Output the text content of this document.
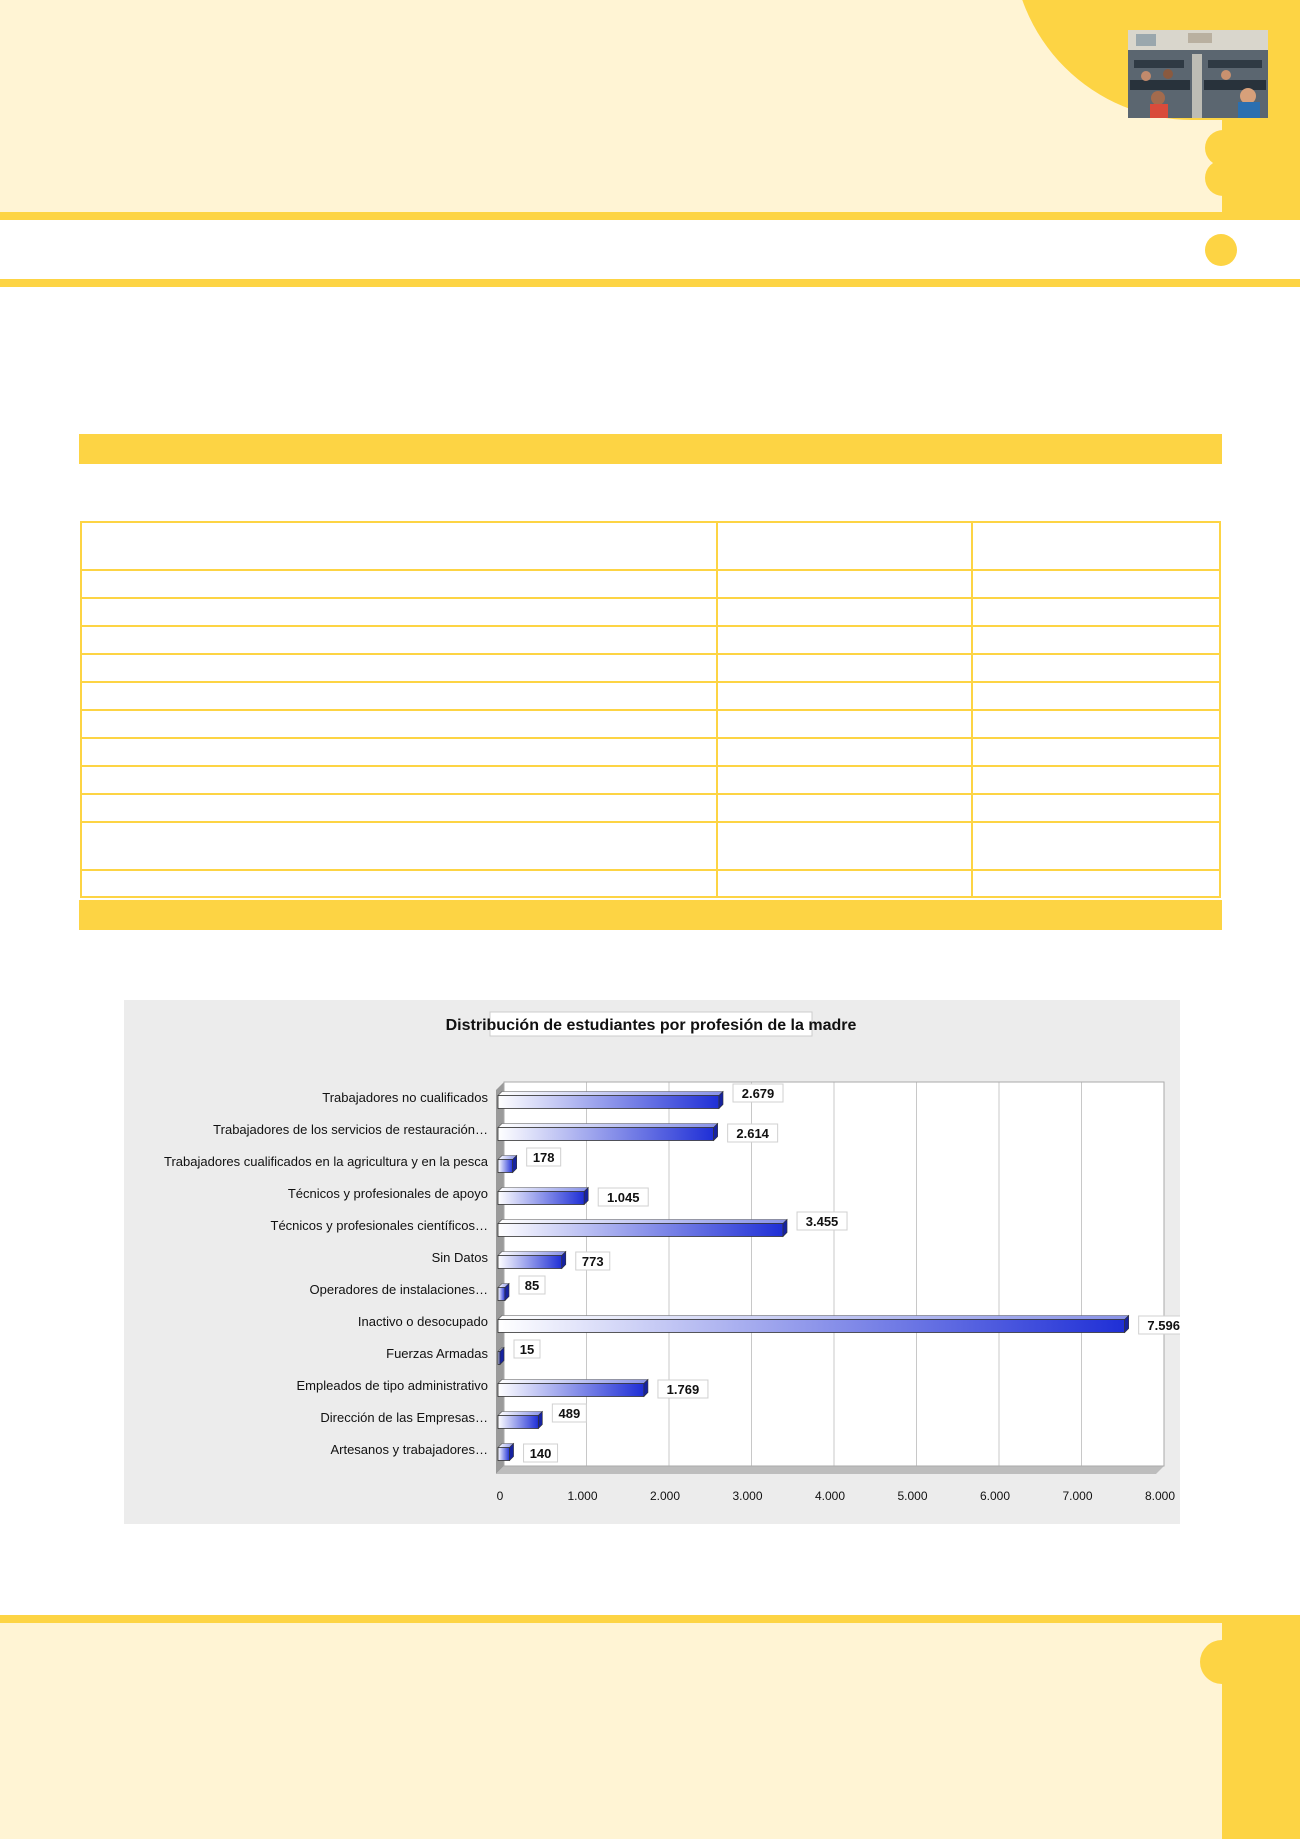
Distribución de estudiantes por profesión de la madre
Trabajadores no cualificados
Trabajadores de los servicios de restauración…
Trabajadores cualificados en la agricultura y en la pesca
Técnicos y profesionales de apoyo
Técnicos y profesionales científicos…
Sin Datos
Operadores de instalaciones…
Inactivo o desocupado
Fuerzas Armadas
Empleados de tipo administrativo
Dirección de las Empresas…
Artesanos y trabajadores…
2.679
2.614
178
1.045
3.455
773
85
7.596
15
1.769
489
140
0	1.000	2.000	3.000	4.000	5.000	6.000	7.000	8.000
